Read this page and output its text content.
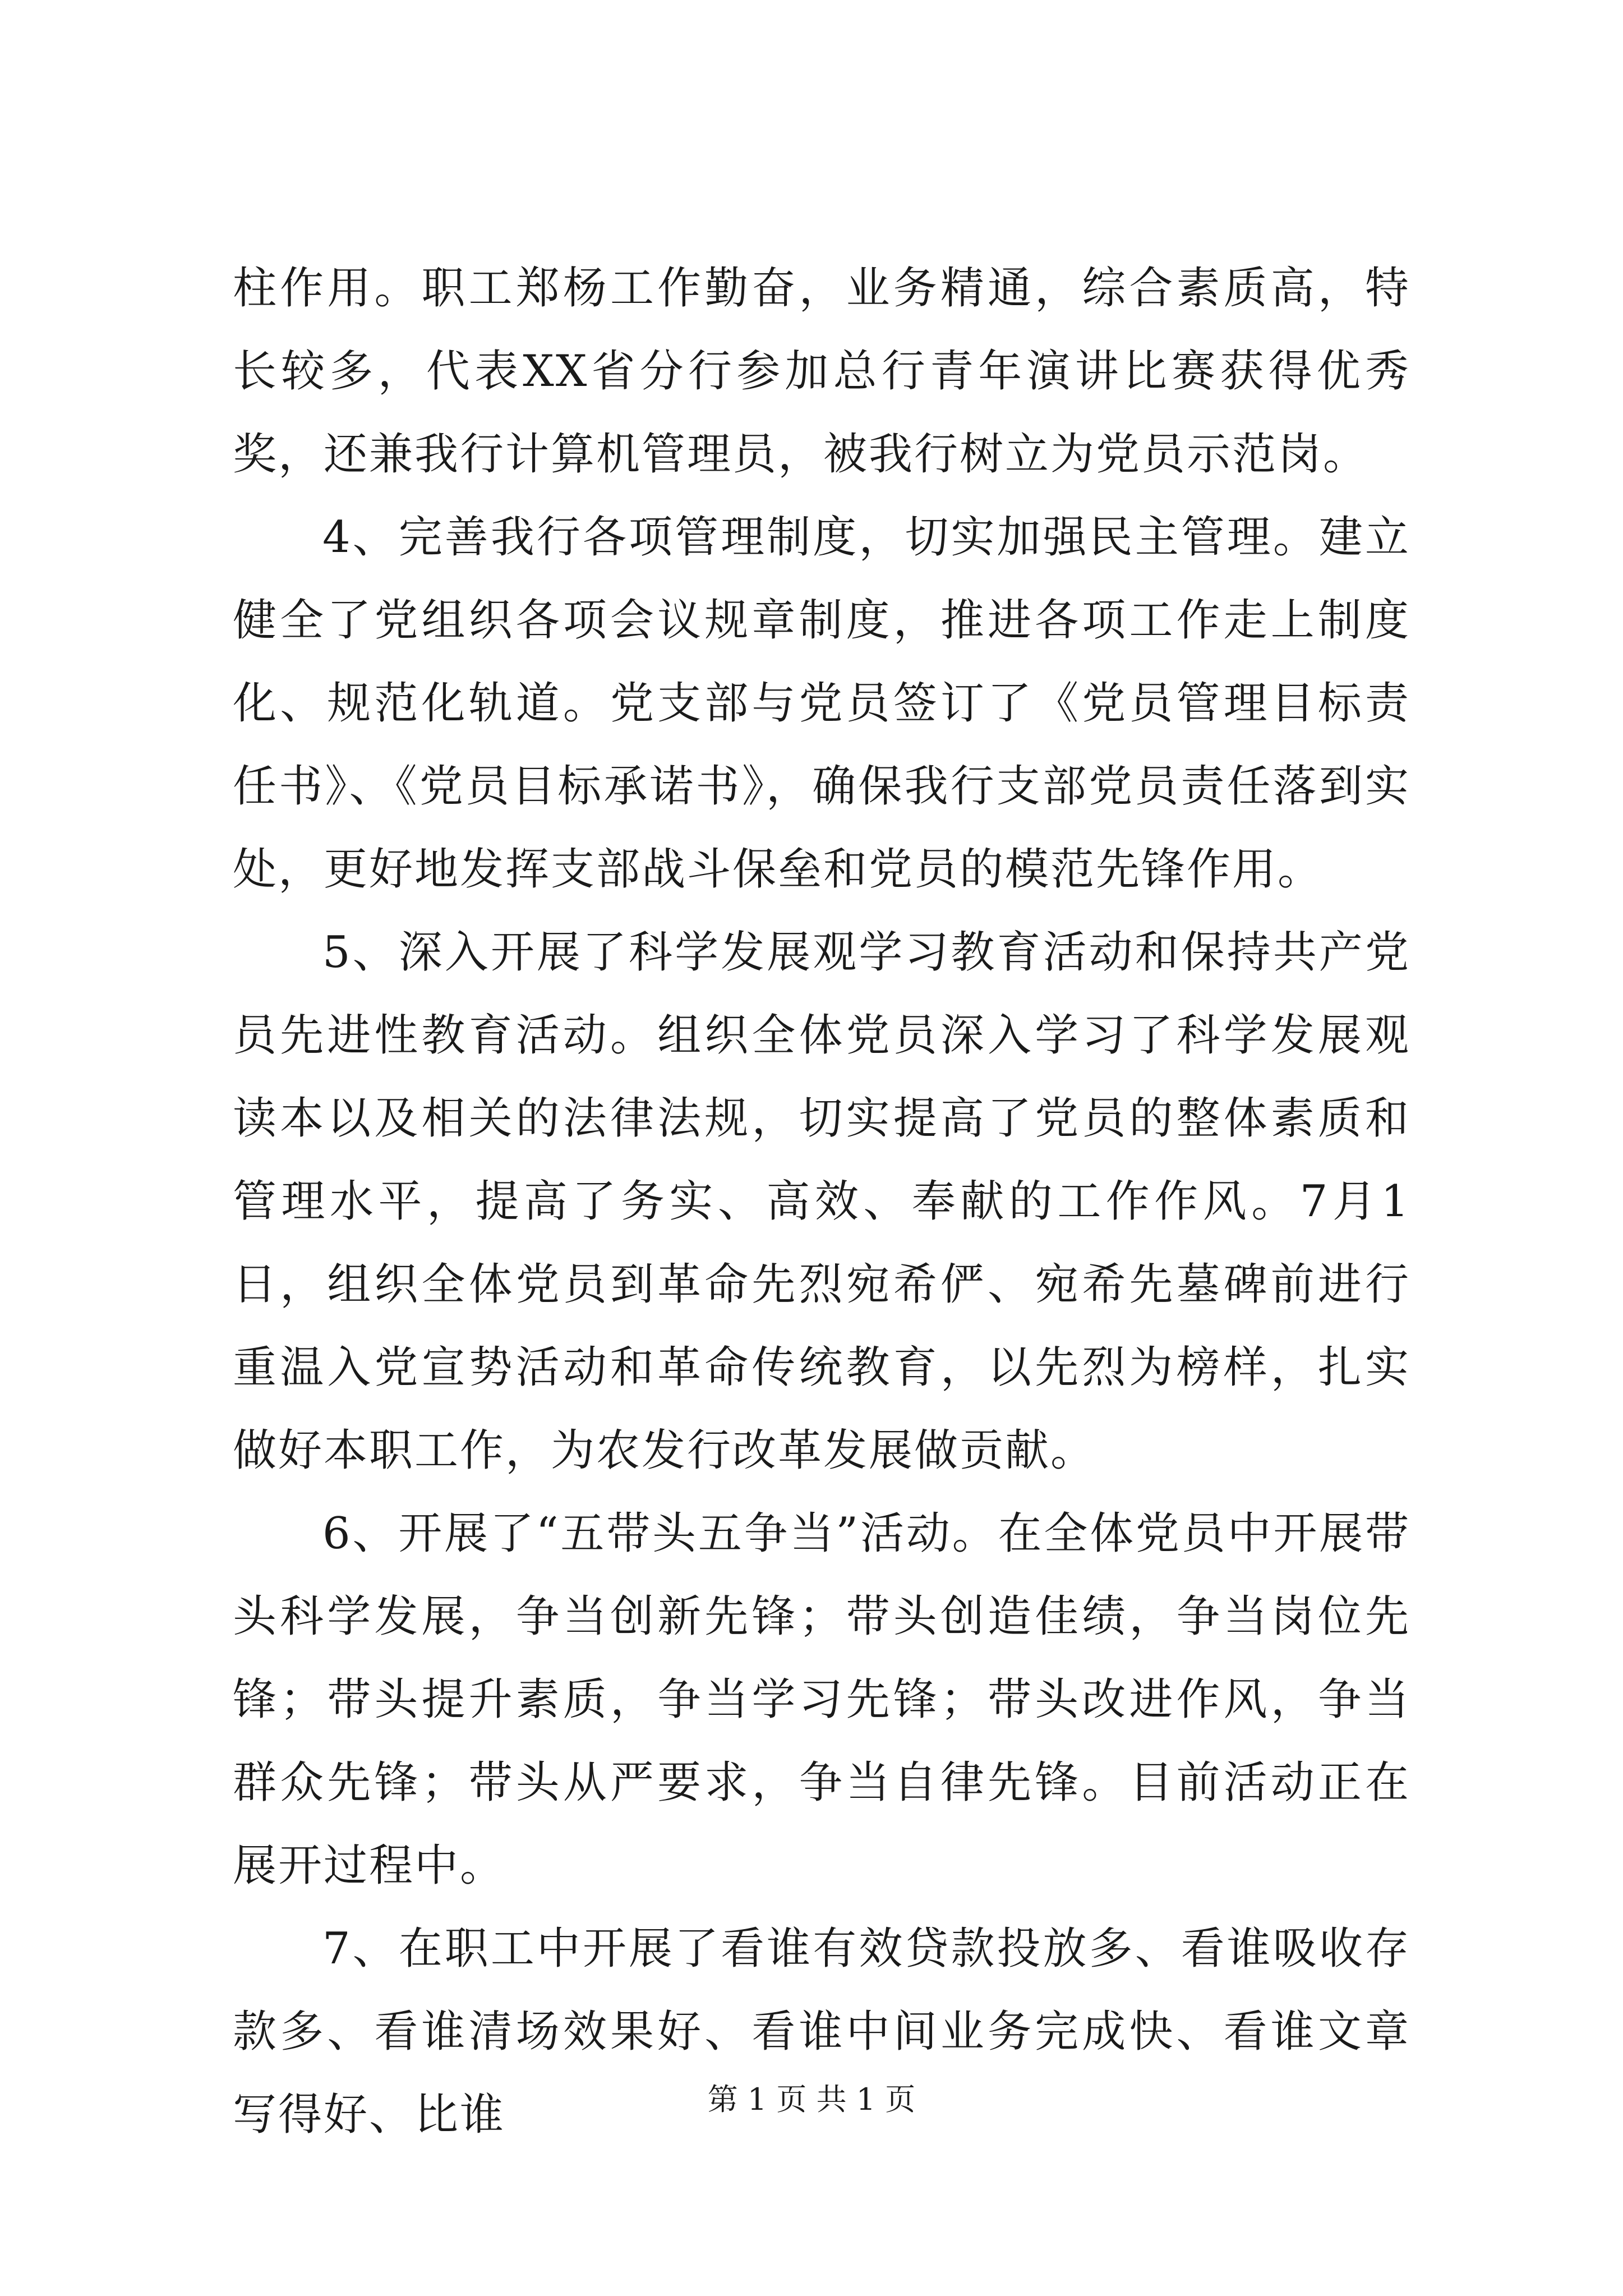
柱作用。职工郑杨工作勤奋，业务精通，综合素质高，特长较多，代表XX省分行参加总行青年演讲比赛获得优秀奖，还兼我行计算机管理员，被我行树立为党员示范岗。

4、完善我行各项管理制度，切实加强民主管理。建立健全了党组织各项会议规章制度，推进各项工作走上制度化、规范化轨道。党支部与党员签订了《党员管理目标责任书》、《党员目标承诺书》，确保我行支部党员责任落到实处，更好地发挥支部战斗保垒和党员的模范先锋作用。

5、深入开展了科学发展观学习教育活动和保持共产党员先进性教育活动。组织全体党员深入学习了科学发展观读本以及相关的法律法规，切实提高了党员的整体素质和管理水平，提高了务实、高效、奉献的工作作风。7月1日，组织全体党员到革命先烈宛希俨、宛希先墓碑前进行重温入党宣势活动和革命传统教育，以先烈为榜样，扎实做好本职工作，为农发行改革发展做贡献。

6、开展了“五带头五争当”活动。在全体党员中开展带头科学发展，争当创新先锋；带头创造佳绩，争当岗位先锋；带头提升素质，争当学习先锋；带头改进作风，争当群众先锋；带头从严要求，争当自律先锋。目前活动正在展开过程中。

7、在职工中开展了看谁有效贷款投放多、看谁吸收存款多、看谁清场效果好、看谁中间业务完成快、看谁文章写得好、比谁	第 1 页 共 1 页
